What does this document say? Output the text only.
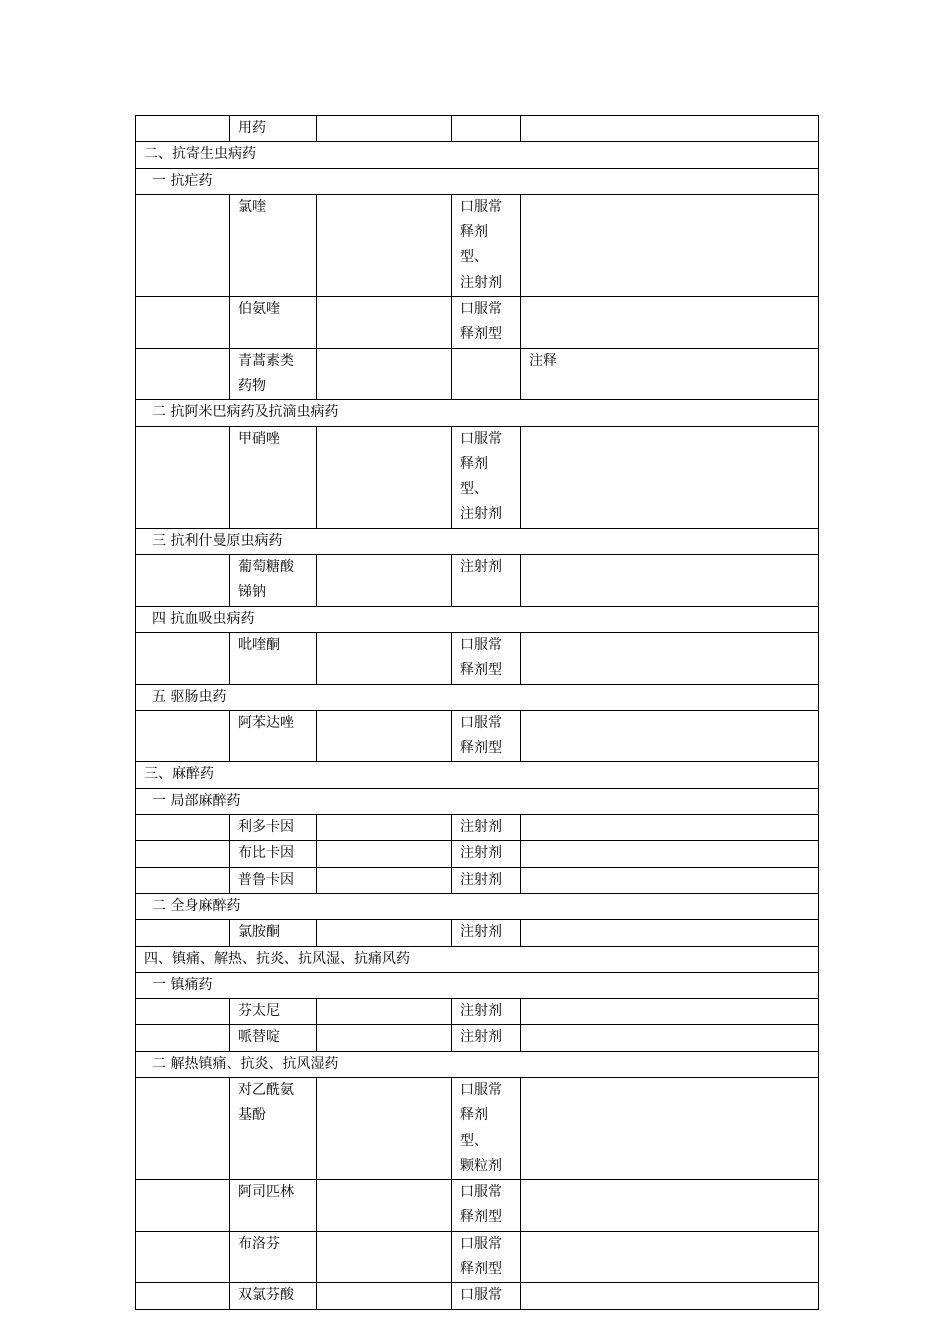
	用药			
二、抗寄生虫病药				
一 抗疟药				
	氯喹		口服常
释剂型、
注射剂	
	伯氨喹		口服常
释剂型	
	青蒿素类
药物			注释
二 抗阿米巴病药及抗滴虫病药				
	甲硝唑		口服常
释剂型、
注射剂	
三 抗利什曼原虫病药				
	葡萄糖酸
锑钠		注射剂	
四 抗血吸虫病药				
	吡喹酮		口服常
释剂型	
五 驱肠虫药				
	阿苯达唑		口服常
释剂型	
三、麻醉药				
一 局部麻醉药				
	利多卡因		注射剂	
	布比卡因		注射剂	
	普鲁卡因		注射剂	
二 全身麻醉药				
	氯胺酮		注射剂	
四、镇痛、解热、抗炎、抗风湿、抗痛风药				
一 镇痛药				
	芬太尼		注射剂	
	哌替啶		注射剂	
二 解热镇痛、抗炎、抗风湿药				
	对乙酰氨
基酚		口服常
释剂型、
颗粒剂	
	阿司匹林		口服常
释剂型	
	布洛芬		口服常
释剂型	
	双氯芬酸		口服常	
